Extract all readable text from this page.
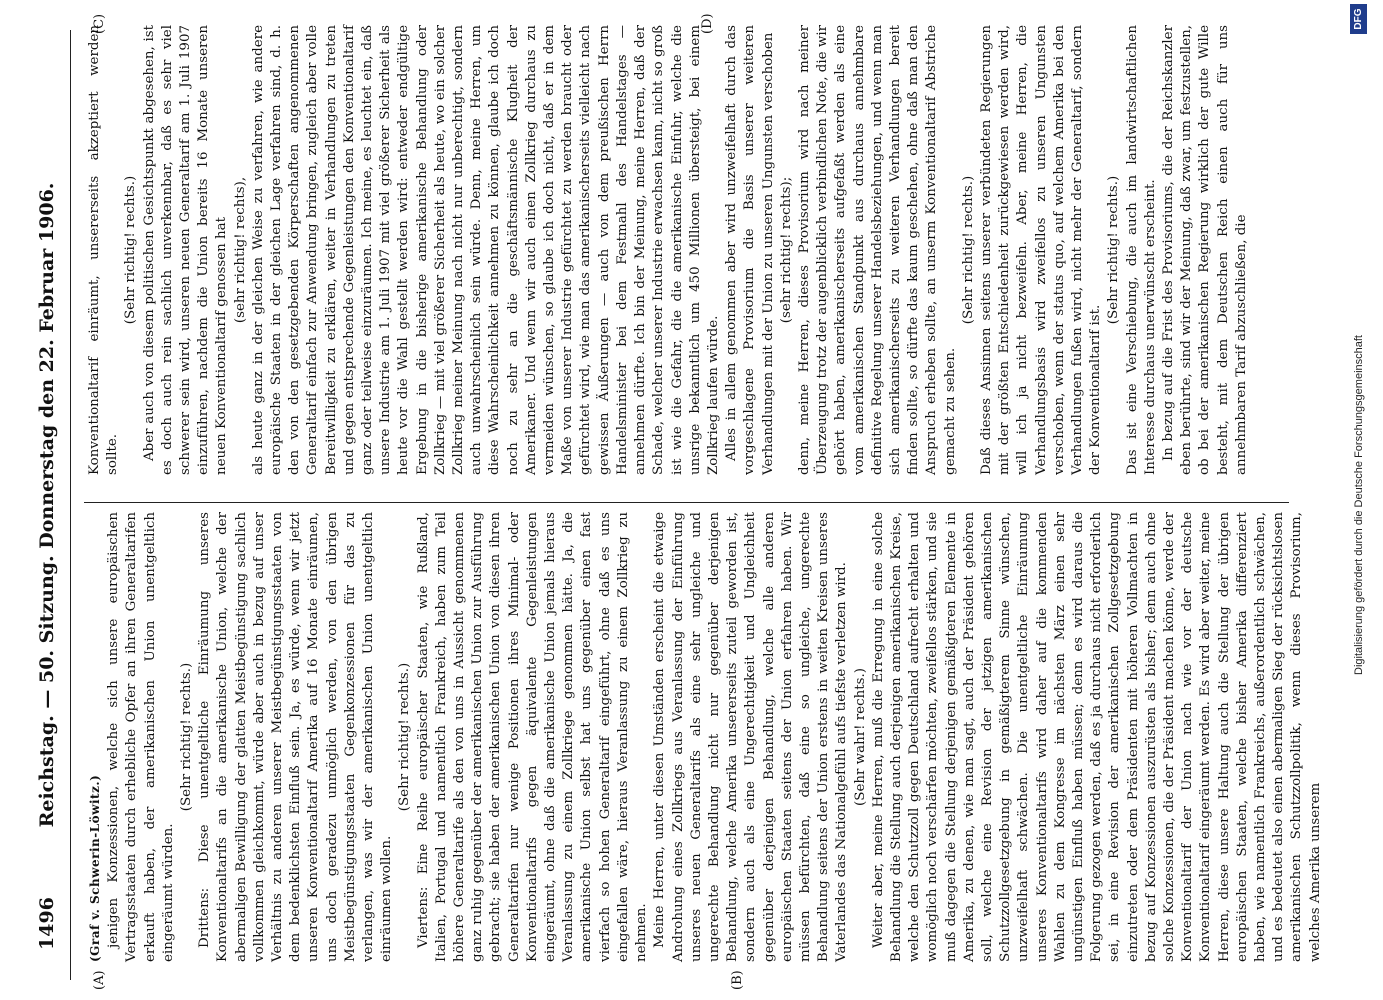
1496
Reichstag. — 50. Sitzung. Donnerstag den 22. Februar 1906.
(A)	(B)
(C)	(D)

(Graf v. Schwerin-Löwitz.) jenigen Konzessionen, welche sich unsere europäischen Vertragsstaaten durch erhebliche Opfer an ihren Generaltarifen erkauft haben, der amerikanischen Union unentgeltlich eingeräumt würden.

(Sehr richtig! rechts.) Drittens: Diese unentgeltliche Einräumung unseres Konventionaltarifs an die amerikanische Union, welche der abermaligen Bewilligung der glatten Meistbegünstigung sachlich vollkommen gleichkommt, würde aber auch in bezug auf unser Verhältnis zu anderen unserer Meistbegünstigungsstaaten von dem bedenklichsten Einfluß sein. Ja, es würde, wenn wir jetzt unseren Konventionaltarif Amerika auf 16 Monate einräumen, uns doch geradezu unmöglich werden, von den übrigen Meistbegünstigungsstaaten Gegenkonzessionen für das zu verlangen, was wir der amerikanischen Union unentgeltlich einräumen wollen.

(Sehr richtig! rechts.) Viertens: Eine Reihe europäischer Staaten, wie Rußland, Italien, Portugal und namentlich Frankreich, haben zum Teil höhere Generaltarife als den von uns in Aussicht genommenen ganz ruhig gegenüber der amerikanischen Union zur Ausführung gebracht; sie haben der amerikanischen Union von diesen ihren Generaltarifen nur wenige Positionen ihres Minimal- oder Konventionaltarifs gegen äquivalente Gegenleistungen eingeräumt, ohne daß die amerikanische Union jemals hieraus Veranlassung zu einem Zollkriege genommen hätte. Ja, die amerikanische Union selbst hat uns gegenüber einen fast vierfach so hohen Generaltarif eingeführt, ohne daß es uns eingefallen wäre, hieraus Veranlassung zu einem Zollkrieg zu nehmen. Meine Herren, unter diesen Umständen erscheint die etwaige Androhung eines Zollkriegs aus Veranlassung der Einführung unseres neuen Generaltarifs als eine sehr ungleiche und ungerechte Behandlung nicht nur gegenüber derjenigen Behandlung, welche Amerika unsererseits zuteil geworden ist, sondern auch als eine Ungerechtigkeit und Ungleichheit gegenüber derjenigen Behandlung, welche alle anderen europäischen Staaten seitens der Union erfahren haben. Wir müssen befürchten, daß eine so ungleiche, ungerechte Behandlung seitens der Union erstens in weiten Kreisen unseres Vaterlandes das Nationalgefühl aufs tiefste verletzen wird. (Sehr wahr! rechts.) Weiter aber, meine Herren, muß die Erregung in eine solche Behandlung die Stellung auch derjenigen amerikanischen Kreise, welche den Schutzzoll gegen Deutschland aufrecht erhalten und womöglich noch verschärfen möchten, zweifellos stärken, und sie muß dagegen die Stellung derjenigen gemäßigteren Elemente in Amerika, zu denen, wie man sagt, auch der Präsident gehören soll, welche eine Revision der jetzigen amerikanischen Schutzzollgesetzgebung in gemäßigterem Sinne wünschen, unzweifelhaft schwächen. Die unentgeltliche Einräumung unseres Konventionaltarifs wird daher auf die kommenden Wahlen zu dem Kongresse im nächsten März einen sehr ungünstigen Einfluß haben müssen; denn es wird daraus die Folgerung gezogen werden, daß es ja durchaus nicht erforderlich sei, in eine Revision der amerikanischen Zollgesetzgebung einzutreten oder dem Präsidenten mit höheren Vollmachten in bezug auf Konzessionen auszurüsten als bisher; denn auch ohne solche Konzessionen, die der Präsident machen könne, werde der Konventionaltarif der Union nach wie vor der deutsche Konventionaltarif eingeräumt werden. Es wird aber weiter, meine Herren, diese unsere Haltung auch die Stellung der übrigen europäischen Staaten, welche bisher Amerika differenziert haben, wie namentlich Frankreichs, außerordentlich schwächen, und es bedeutet also einen abermaligen Sieg der rücksichtslosen amerikanischen Schutzzollpolitik, wenn dieses Provisorium, welches Amerika unserem

Konventionaltarif einräumt, unsererseits akzeptiert werden sollte.

(Sehr richtig! rechts.) Aber auch von diesem politischen Gesichtspunkt abgesehen, ist es doch auch rein sachlich unverkennbar, daß es sehr viel schwerer sein wird, unseren neuen Generaltarif am 1. Juli 1907 einzuführen, nachdem die Union bereits 16 Monate unseren neuen Konventionaltarif genossen hat (sehr richtig! rechts), als heute ganz in der gleichen Weise zu verfahren, wie andere europäische Staaten in der gleichen Lage verfahren sind, d. h. den von den gesetzgebenden Körperschaften angenommenen Generaltarif einfach zur Anwendung bringen, zugleich aber volle Bereitwilligkeit zu erklären, weiter in Verhandlungen zu treten und gegen entsprechende Gegenleistungen den Konventionaltarif ganz oder teilweise einzuräumen. Ich meine, es leuchtet ein, daß unsere Industrie am 1. Juli 1907 mit viel größerer Sicherheit als heute vor die Wahl gestellt werden wird: entweder endgültige Ergebung in die bisherige amerikanische Behandlung oder Zollkrieg — mit viel größerer Sicherheit als heute, wo ein solcher Zollkrieg meiner Meinung nach nicht nur unberechtigt, sondern auch unwahrscheinlich sein würde. Denn, meine Herren, um diese Wahrscheinlichkeit annehmen zu können, glaube ich doch noch zu sehr an die geschäftsmännische Klugheit der Amerikaner. Und wenn wir auch einen Zollkrieg durchaus zu vermeiden wünschen, so glaube ich doch nicht, daß er in dem Maße von unserer Industrie gefürchtet zu werden braucht oder gefürchtet wird, wie man das amerikanischerseits vielleicht nach gewissen Äußerungen — auch von dem preußischen Herrn Handelsminister bei dem Festmahl des Handelstages — annehmen dürfte. Ich bin der Meinung, meine Herren, daß der Schade, welcher unserer Industrie erwachsen kann, nicht so groß ist wie die Gefahr, die die amerikanische Einfuhr, welche die unsrige bekanntlich um 450 Millionen übersteigt, bei einem Zollkrieg laufen würde. Alles in allem genommen aber wird unzweifelhaft durch das vorgeschlagene Provisorium die Basis unserer weiteren Verhandlungen mit der Union zu unseren Ungunsten verschoben (sehr richtig! rechts); denn, meine Herren, dieses Provisorium wird nach meiner Überzeugung trotz der augenblicklich verbindlichen Note, die wir gehört haben, amerikanischerseits aufgefaßt werden als eine vom amerikanischen Standpunkt aus durchaus annehmbare definitive Regelung unserer Handelsbeziehungen, und wenn man sich amerikanischerseits zu weiteren Verhandlungen bereit finden sollte, so dürfte das kaum geschehen, ohne daß man den Anspruch erheben sollte, an unserm Konventionaltarif Abstriche gemacht zu sehen.

(Sehr richtig! rechts.) Daß dieses Ansinnen seitens unserer verbündeten Regierungen mit der größten Entschiedenheit zurückgewiesen werden wird, will ich ja nicht bezweifeln. Aber, meine Herren, die Verhandlungsbasis wird zweifellos zu unseren Ungunsten verschoben, wenn der status quo, auf welchem Amerika bei den Verhandlungen fußen wird, nicht mehr der Generaltarif, sondern der Konventionaltarif ist.

(Sehr richtig! rechts.) Das ist eine Verschiebung, die auch im landwirtschaftlichen Interesse durchaus unerwünscht erscheint. In bezug auf die Frist des Provisoriums, die der Reichskanzler eben berührte, sind wir der Meinung, daß zwar, um festzustellen, ob bei der amerikanischen Regierung wirklich der gute Wille besteht, mit dem Deutschen Reich einen auch für uns annehmbaren Tarif abzuschließen, die	Digitalisierung gefördert durch die Deutsche Forschungsgemeinschaft
DFG
